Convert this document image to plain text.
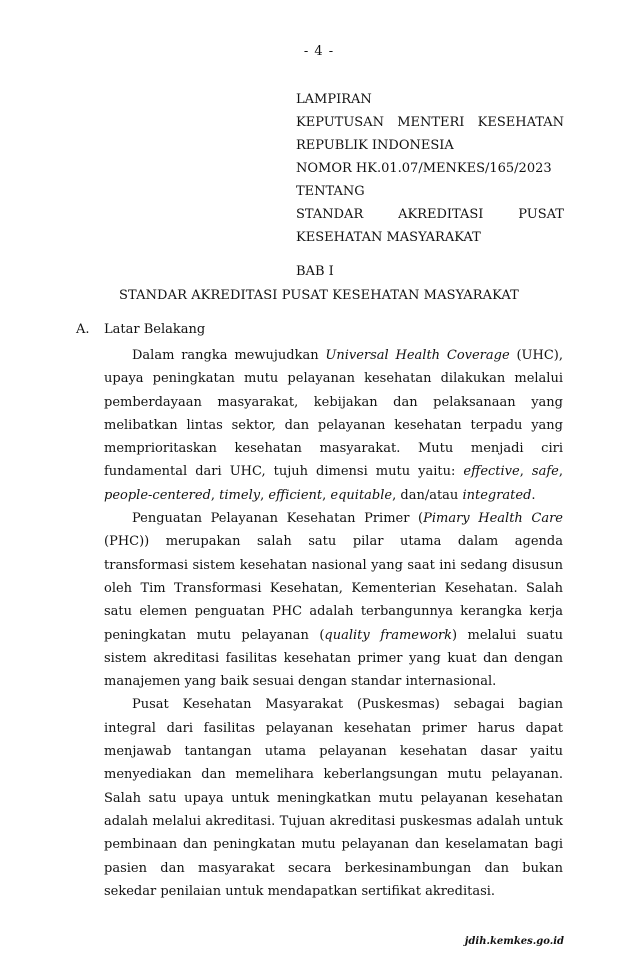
- 4 -
LAMPIRAN
KEPUTUSAN MENTERI KESEHATAN
REPUBLIK INDONESIA
NOMOR HK.01.07/MENKES/165/2023
TENTANG
STANDAR	AKREDITASI	PUSAT
KESEHATAN MASYARAKAT
BAB I
STANDAR AKREDITASI PUSAT KESEHATAN MASYARAKAT
A.	Latar Belakang

Dalam rangka mewujudkan Universal Health Coverage (UHC), upaya peningkatan mutu pelayanan kesehatan dilakukan melalui pemberdayaan masyarakat, kebijakan dan pelaksanaan yang melibatkan lintas sektor, dan pelayanan kesehatan terpadu yang memprioritaskan kesehatan masyarakat. Mutu menjadi ciri fundamental dari UHC, tujuh dimensi mutu yaitu: effective, safe, people-centered, timely, efficient, equitable, dan/atau integrated.

Penguatan Pelayanan Kesehatan Primer (Pimary Health Care (PHC)) merupakan salah satu pilar utama dalam agenda transformasi sistem kesehatan nasional yang saat ini sedang disusun oleh Tim Transformasi Kesehatan, Kementerian Kesehatan. Salah satu elemen penguatan PHC adalah terbangunnya kerangka kerja peningkatan mutu pelayanan (quality framework) melalui suatu sistem akreditasi fasilitas kesehatan primer yang kuat dan dengan manajemen yang baik sesuai dengan standar internasional.

Pusat Kesehatan Masyarakat (Puskesmas) sebagai bagian integral dari fasilitas pelayanan kesehatan primer harus dapat menjawab tantangan utama pelayanan kesehatan dasar yaitu menyediakan dan memelihara keberlangsungan mutu pelayanan. Salah satu upaya untuk meningkatkan mutu pelayanan kesehatan adalah melalui akreditasi. Tujuan akreditasi puskesmas adalah untuk pembinaan dan peningkatan mutu pelayanan dan keselamatan bagi pasien dan masyarakat secara berkesinambungan dan bukan sekedar penilaian untuk mendapatkan sertifikat akreditasi.

jdih.kemkes.go.id
